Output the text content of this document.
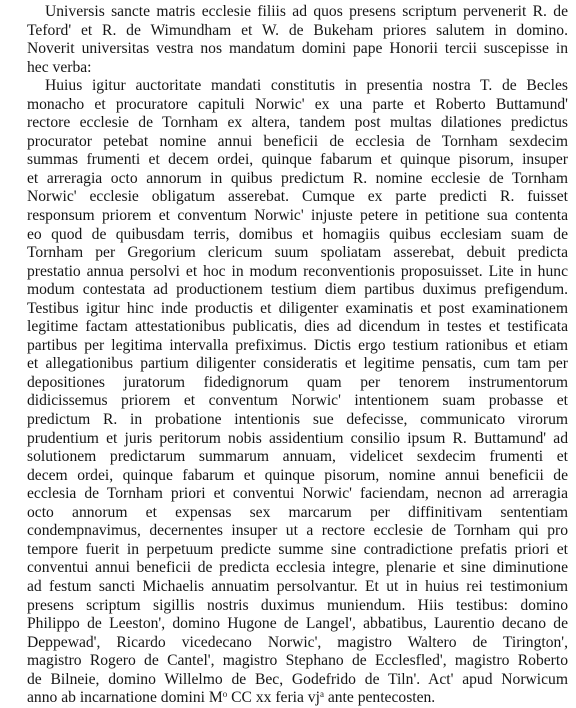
Universis sancte matris ecclesie filiis ad quos presens scriptum pervenerit R. de
Teford' et R. de Wimundham et W. de Bukeham priores salutem in domino.
Noverit universitas vestra nos mandatum domini pape Honorii tercii suscepisse in
hec verba:
Huius igitur auctoritate mandati constitutis in presentia nostra T. de Becles
monacho et procuratore capituli Norwic' ex una parte et Roberto Buttamund'
rectore ecclesie de Tornham ex altera, tandem post multas dilationes predictus
procurator petebat nomine annui beneficii de ecclesia de Tornham sexdecim
summas frumenti et decem ordei, quinque fabarum et quinque pisorum, insuper
et arreragia octo annorum in quibus predictum R. nomine ecclesie de Tornham
Norwic' ecclesie obligatum asserebat. Cumque ex parte predicti R. fuisset
responsum priorem et conventum Norwic' injuste petere in petitione sua contenta
eo quod de quibusdam terris, domibus et homagiis quibus ecclesiam suam de
Tornham per Gregorium clericum suum spoliatam asserebat, debuit predicta
prestatio annua persolvi et hoc in modum reconventionis proposuisset. Lite in hunc
modum contestata ad productionem testium diem partibus duximus prefigendum.
Testibus igitur hinc inde productis et diligenter examinatis et post examinationem
legitime factam attestationibus publicatis, dies ad dicendum in testes et testificata
partibus per legitima intervalla prefiximus. Dictis ergo testium rationibus et etiam
et allegationibus partium diligenter consideratis et legitime pensatis, cum tam per
depositiones juratorum fidedignorum quam per tenorem instrumentorum
didicissemus priorem et conventum Norwic' intentionem suam probasse et
predictum R. in probatione intentionis sue defecisse, communicato virorum
prudentium et juris peritorum nobis assidentium consilio ipsum R. Buttamund' ad
solutionem predictarum summarum annuam, videlicet sexdecim frumenti et
decem ordei, quinque fabarum et quinque pisorum, nomine annui beneficii de
ecclesia de Tornham priori et conventui Norwic' faciendam, necnon ad arreragia
octo annorum et expensas sex marcarum per diffinitivam sententiam
condempnavimus, decernentes insuper ut a rectore ecclesie de Tornham qui pro
tempore fuerit in perpetuum predicte summe sine contradictione prefatis priori et
conventui annui beneficii de predicta ecclesia integre, plenarie et sine diminutione
ad festum sancti Michaelis annuatim persolvantur. Et ut in huius rei testimonium
presens scriptum sigillis nostris duximus muniendum. Hiis testibus: domino
Philippo de Leeston', domino Hugone de Langel', abbatibus, Laurentio decano de
Deppewad', Ricardo vicedecano Norwic', magistro Waltero de Tirington',
magistro Rogero de Cantel', magistro Stephano de Ecclesfled', magistro Roberto
de Bilneie, domino Willelmo de Bec, Godefrido de Tiln'. Act' apud Norwicum
anno ab incarnatione domini $M^o$ CC xx feria $vj^a$ ante pentecosten.
